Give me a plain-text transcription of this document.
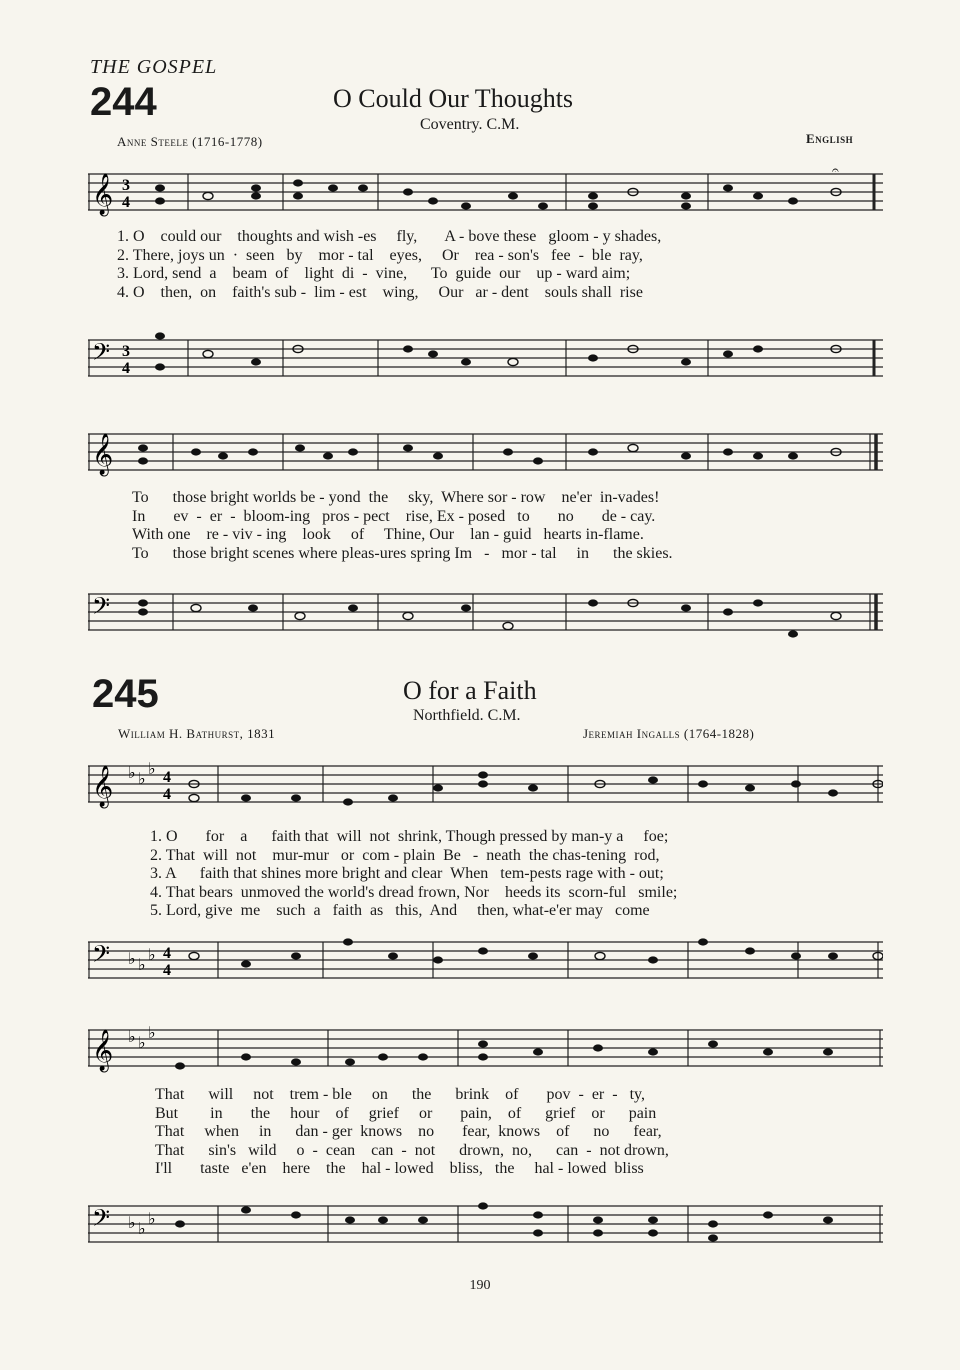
THE GOSPEL
244	O Could Our Thoughts
Coventry. C.M.
Anne Steele (1716-1778)	English
𝄞 3
4
𝄐
1. O    could our    thoughts and wish -es     fly,       A - bove these   gloom - y shades,
2. There, joys un  ·  seen   by    mor - tal    eyes,     Or    rea - son's   fee  -  ble  ray,
3. Lord, send  a    beam  of    light  di  -  vine,      To  guide  our    up - ward aim;
4. O    then,  on    faith's sub -  lim - est    wing,     Our   ar - dent    souls shall  rise
𝄢 3
4
𝄞
To      those bright worlds be - yond  the     sky,  Where sor - row    ne'er  in-vades!
In       ev  -  er  -  bloom-ing   pros - pect    rise, Ex - posed   to       no       de - cay.
With one    re - viv - ing    look     of     Thine, Our    lan - guid   hearts in-flame.
To      those bright scenes where pleas-ures spring Im   -   mor - tal     in      the skies.
𝄢
245	O for a Faith
Northfield. C.M.
William H. Bathurst, 1831	Jeremiah Ingalls (1764-1828)
𝄞 ♭ ♭
♭ 4
4
1. O       for    a      faith that  will  not  shrink, Though pressed by man-y a     foe;
2. That  will  not    mur-mur   or  com - plain  Be   -  neath  the chas-tening  rod,
3. A      faith that shines more bright and clear  When   tem-pests rage with - out;
4. That bears  unmoved the world's dread frown, Nor    heeds its  scorn-ful   smile;
5. Lord, give  me    such  a   faith  as   this,  And     then, what-e'er may   come
𝄢 ♭ ♭
♭ 4
4
𝄞 ♭ ♭
♭
That      will     not    trem - ble     on      the      brink    of       pov  -  er  -   ty,
But        in       the     hour    of     grief     or       pain,    of      grief    or      pain
That     when     in      dan - ger  knows    no       fear,  knows    of      no      fear,
That      sin's   wild     o  -  cean    can  -  not      drown,  no,      can  -  not drown,
I'll       taste   e'en    here    the    hal - lowed    bliss,   the     hal - lowed  bliss
𝄢 ♭ ♭
♭
190
